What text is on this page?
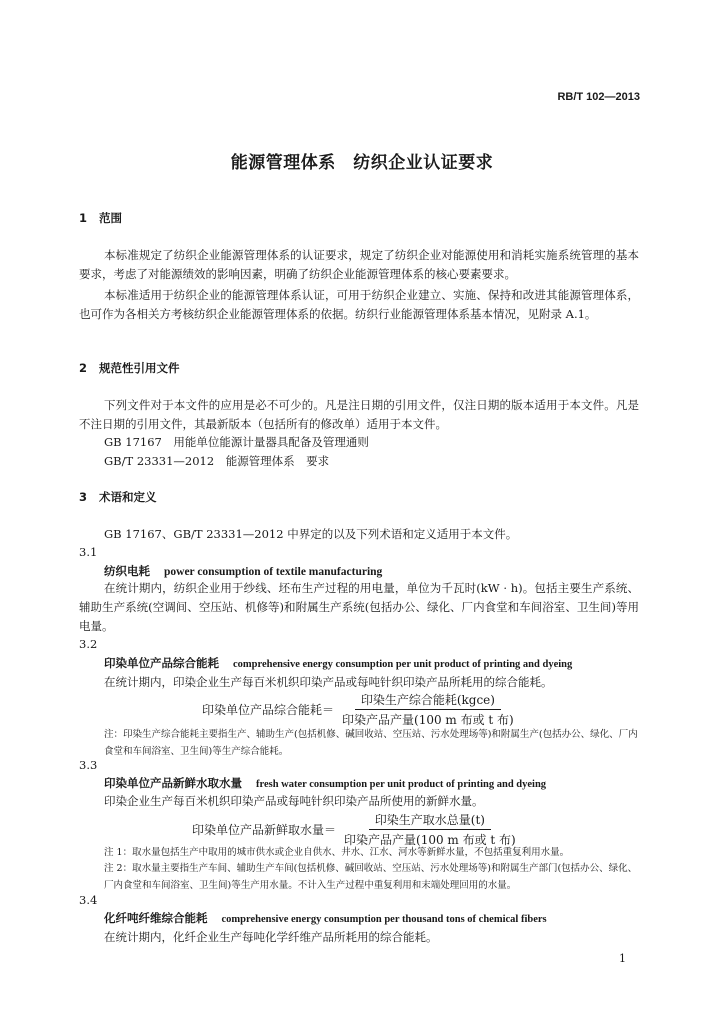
RB/T 102—2013
能源管理体系　纺织企业认证要求
1 范围
本标准规定了纺织企业能源管理体系的认证要求，规定了纺织企业对能源使用和消耗实施系统管理的基本要求，考虑了对能源绩效的影响因素，明确了纺织企业能源管理体系的核心要素要求。
本标准适用于纺织企业的能源管理体系认证，可用于纺织企业建立、实施、保持和改进其能源管理体系，也可作为各相关方考核纺织企业能源管理体系的依据。纺织行业能源管理体系基本情况，见附录 A.1。
2 规范性引用文件
下列文件对于本文件的应用是必不可少的。凡是注日期的引用文件，仅注日期的版本适用于本文件。凡是不注日期的引用文件，其最新版本（包括所有的修改单）适用于本文件。
GB 17167　用能单位能源计量器具配备及管理通则
GB/T 23331—2012　能源管理体系　要求
3 术语和定义
GB 17167、GB/T 23331—2012 中界定的以及下列术语和定义适用于本文件。
3.1
纺织电耗 power consumption of textile manufacturing
在统计期内，纺织企业用于纱线、坯布生产过程的用电量，单位为千瓦时(kW · h)。包括主要生产系统、辅助生产系统(空调间、空压站、机修等)和附属生产系统(包括办公、绿化、厂内食堂和车间浴室、卫生间)等用电量。
3.2
印染单位产品综合能耗 comprehensive energy consumption per unit product of printing and dyeing
在统计期内，印染企业生产每百米机织印染产品或每吨针织印染产品所耗用的综合能耗。
印染单位产品综合能耗＝ $\frac{\text{印染生产综合能耗(kgce)}}{\text{印染产品产量(100 m 布或 t 布)}}$
注：印染生产综合能耗主要指生产、辅助生产(包括机修、碱回收站、空压站、污水处理场等)和附属生产(包括办公、绿化、厂内食堂和车间浴室、卫生间)等生产综合能耗。
3.3
印染单位产品新鲜水取水量 fresh water consumption per unit product of printing and dyeing
印染企业生产每百米机织印染产品或每吨针织印染产品所使用的新鲜水量。
印染单位产品新鲜取水量＝ $\frac{\text{印染生产取水总量(t)}}{\text{印染产品产量(100 m 布或 t 布)}}$
注 1：取水量包括生产中取用的城市供水或企业自供水、井水、江水、河水等新鲜水量，不包括重复利用水量。
注 2：取水量主要指生产车间、辅助生产车间(包括机修、碱回收站、空压站、污水处理场等)和附属生产部门(包括办公、绿化、厂内食堂和车间浴室、卫生间)等生产用水量。不计入生产过程中重复利用和末端处理回用的水量。
3.4
化纤吨纤维综合能耗 comprehensive energy consumption per thousand tons of chemical fibers
在统计期内，化纤企业生产每吨化学纤维产品所耗用的综合能耗。
1
